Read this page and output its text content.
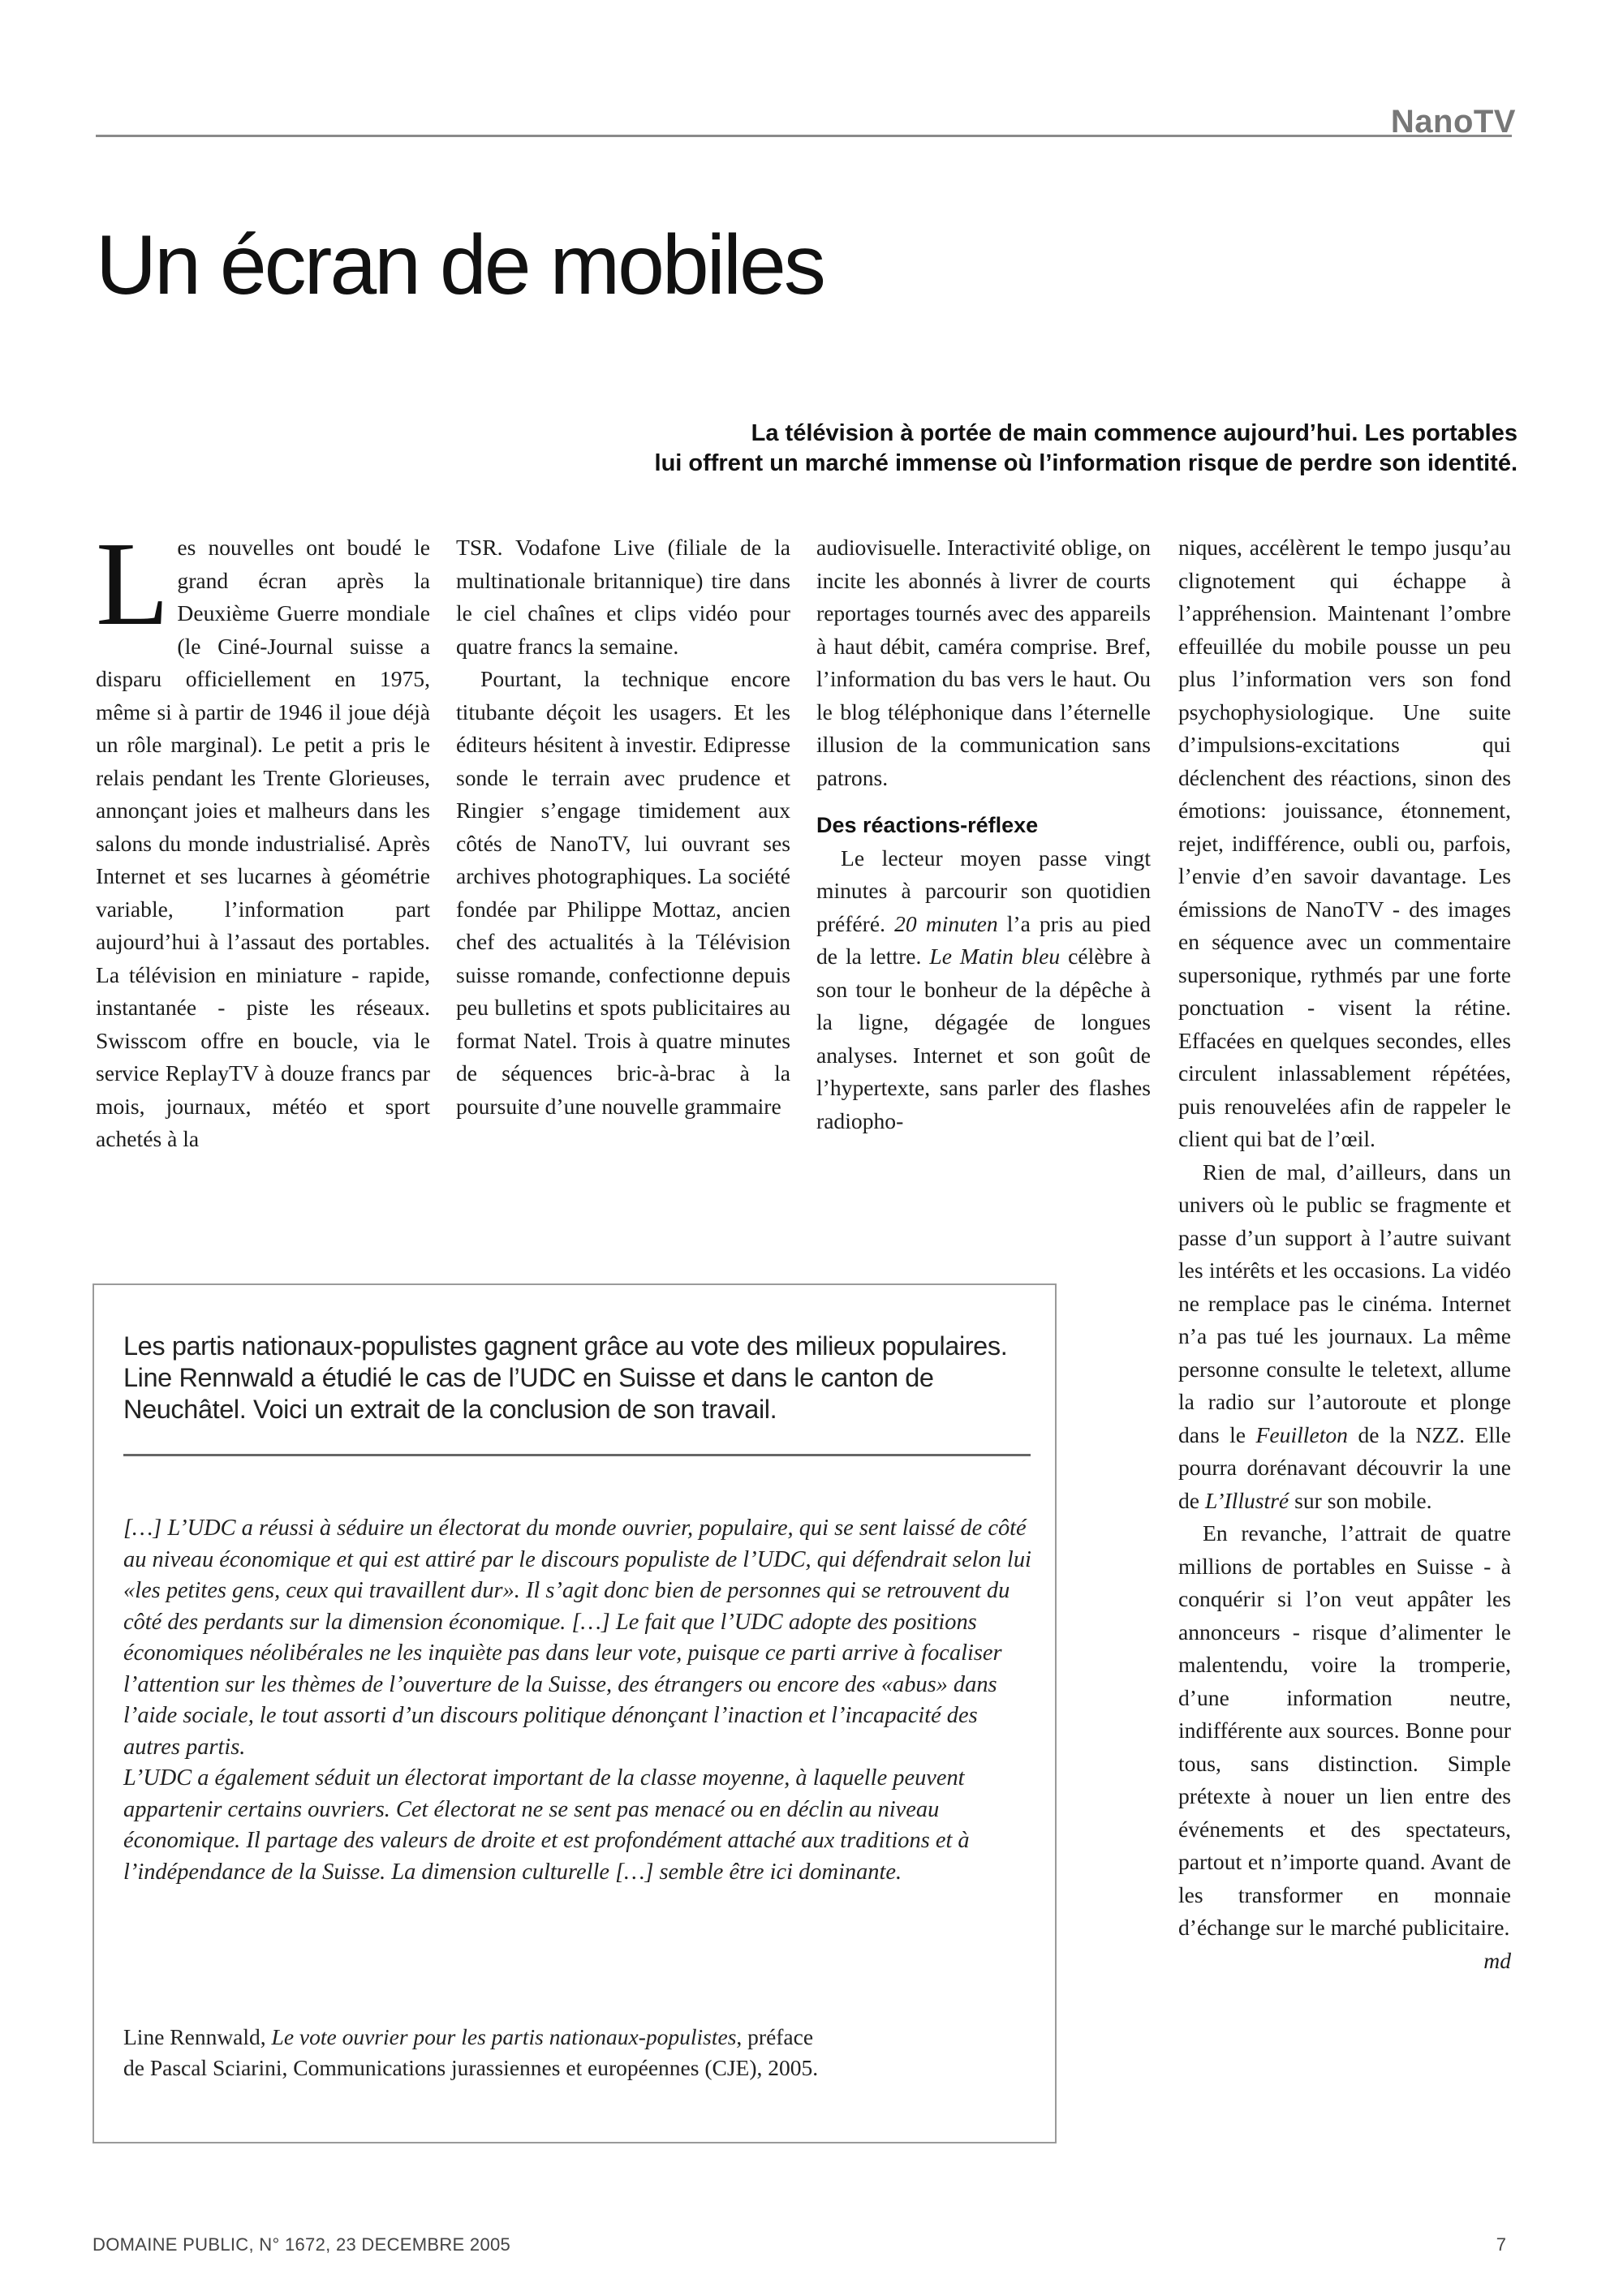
NanoTV
Un écran de mobiles
La télévision à portée de main commence aujourd’hui. Les portables
lui offrent un marché immense où l’information risque de perdre son identité.

Les nouvelles ont boudé le grand écran après la Deuxième Guerre mondiale (le Ciné-Journal suisse a disparu officiellement en 1975, même si à partir de 1946 il joue déjà un rôle marginal). Le petit a pris le relais pendant les Trente Glorieuses, annonçant joies et malheurs dans les salons du monde industrialisé. Après Internet et ses lucarnes à géométrie variable, l’information part aujourd’hui à l’assaut des portables. La télévision en miniature - rapide, instantanée - piste les réseaux. Swisscom offre en boucle, via le service ReplayTV à douze francs par mois, journaux, météo et sport achetés à la

TSR. Vodafone Live (filiale de la multinationale britannique) tire dans le ciel chaînes et clips vidéo pour quatre francs la semaine.

Pourtant, la technique encore titubante déçoit les usagers. Et les éditeurs hésitent à investir. Edipresse sonde le terrain avec prudence et Ringier s’engage timidement aux côtés de NanoTV, lui ouvrant ses archives photographiques. La société fondée par Philippe Mottaz, ancien chef des actualités à la Télévision suisse romande, confectionne depuis peu bulletins et spots publicitaires au format Natel. Trois à quatre minutes de séquences bric-à-brac à la poursuite d’une nouvelle grammaire

audiovisuelle. Interactivité oblige, on incite les abonnés à livrer de courts reportages tournés avec des appareils à haut débit, caméra comprise. Bref, l’information du bas vers le haut. Ou le blog téléphonique dans l’éternelle illusion de la communication sans patrons.

Des réactions-réflexe

Le lecteur moyen passe vingt minutes à parcourir son quotidien préféré. 20 minuten l’a pris au pied de la lettre. Le Matin bleu célèbre à son tour le bonheur de la dépêche à la ligne, dégagée de longues analyses. Internet et son goût de l’hypertexte, sans parler des flashes radiopho-

niques, accélèrent le tempo jusqu’au clignotement qui échappe à l’appréhension. Maintenant l’ombre effeuillée du mobile pousse un peu plus l’information vers son fond psychophysiologique. Une suite d’impulsions-excitations qui déclenchent des réactions, sinon des émotions: jouissance, étonnement, rejet, indifférence, oubli ou, parfois, l’envie d’en savoir davantage. Les émissions de NanoTV - des images en séquence avec un commentaire supersonique, rythmés par une forte ponctuation - visent la rétine. Effacées en quelques secondes, elles circulent inlassablement répétées, puis renouvelées afin de rappeler le client qui bat de l’œil.

Rien de mal, d’ailleurs, dans un univers où le public se fragmente et passe d’un support à l’autre suivant les intérêts et les occasions. La vidéo ne remplace pas le cinéma. Internet n’a pas tué les journaux. La même personne consulte le teletext, allume la radio sur l’autoroute et plonge dans le Feuilleton de la NZZ. Elle pourra dorénavant découvrir la une de L’Illustré sur son mobile.

En revanche, l’attrait de quatre millions de portables en Suisse - à conquérir si l’on veut appâter les annonceurs - risque d’alimenter le malentendu, voire la tromperie, d’une information neutre, indifférente aux sources. Bonne pour tous, sans distinction. Simple prétexte à nouer un lien entre des événements et des spectateurs, partout et n’importe quand. Avant de les transformer en monnaie d’échange sur le marché publicitaire.
md

Les partis nationaux-populistes gagnent grâce au vote des milieux populaires. Line Rennwald a étudié le cas de l’UDC en Suisse et dans le canton de Neuchâtel. Voici un extrait de la conclusion de son travail.

[…] L’UDC a réussi à séduire un électorat du monde ouvrier, populaire, qui se sent laissé de côté au niveau économique et qui est attiré par le discours populiste de l’UDC, qui défendrait selon lui «les petites gens, ceux qui travaillent dur». Il s’agit donc bien de personnes qui se retrouvent du côté des perdants sur la dimension économique. […] Le fait que l’UDC adopte des positions économiques néolibérales ne les inquiète pas dans leur vote, puisque ce parti arrive à focaliser l’attention sur les thèmes de l’ouverture de la Suisse, des étrangers ou encore des «abus» dans l’aide sociale, le tout assorti d’un discours politique dénonçant l’inaction et l’incapacité des autres partis.

L’UDC a également séduit un électorat important de la classe moyenne, à laquelle peuvent appartenir certains ouvriers. Cet électorat ne se sent pas menacé ou en déclin au niveau économique. Il partage des valeurs de droite et est profondément attaché aux traditions et à l’indépendance de la Suisse. La dimension culturelle […] semble être ici dominante.

Line Rennwald, Le vote ouvrier pour les partis nationaux-populistes, préface
de Pascal Sciarini, Communications jurassiennes et européennes (CJE), 2005.
DOMAINE PUBLIC, N° 1672, 23 DECEMBRE 2005	7
